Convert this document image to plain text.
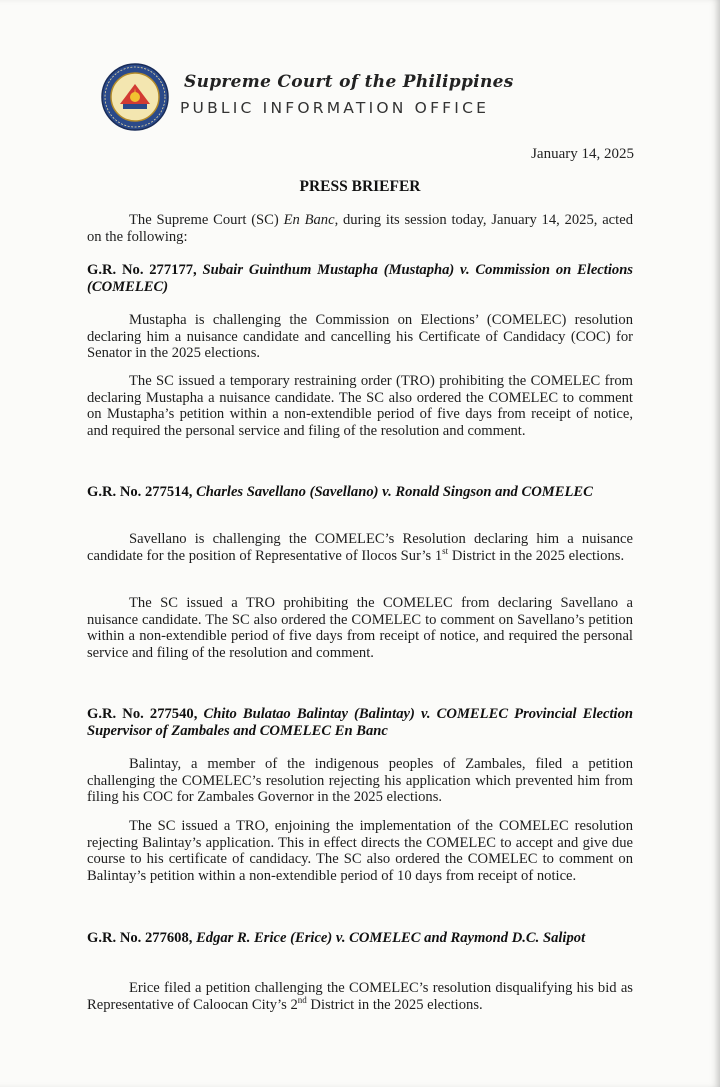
Supreme Court of the Philippines
PUBLIC INFORMATION OFFICE
January 14, 2025
PRESS BRIEFER

The Supreme Court (SC) En Banc, during its session today, January 14, 2025, acted on the following:

G.R. No. 277177, Subair Guinthum Mustapha (Mustapha) v. Commission on Elections (COMELEC)

Mustapha is challenging the Commission on Elections’ (COMELEC) resolution declaring him a nuisance candidate and cancelling his Certificate of Candidacy (COC) for Senator in the 2025 elections.

The SC issued a temporary restraining order (TRO) prohibiting the COMELEC from declaring Mustapha a nuisance candidate. The SC also ordered the COMELEC to comment on Mustapha’s petition within a non-extendible period of five days from receipt of notice, and required the personal service and filing of the resolution and comment.

G.R. No. 277514, Charles Savellano (Savellano) v. Ronald Singson and COMELEC

Savellano is challenging the COMELEC’s Resolution declaring him a nuisance candidate for the position of Representative of Ilocos Sur’s 1st District in the 2025 elections.

The SC issued a TRO prohibiting the COMELEC from declaring Savellano a nuisance candidate. The SC also ordered the COMELEC to comment on Savellano’s petition within a non-extendible period of five days from receipt of notice, and required the personal service and filing of the resolution and comment.

G.R. No. 277540, Chito Bulatao Balintay (Balintay) v. COMELEC Provincial Election Supervisor of Zambales and COMELEC En Banc

Balintay, a member of the indigenous peoples of Zambales, filed a petition challenging the COMELEC’s resolution rejecting his application which prevented him from filing his COC for Zambales Governor in the 2025 elections.

The SC issued a TRO, enjoining the implementation of the COMELEC resolution rejecting Balintay’s application. This in effect directs the COMELEC to accept and give due course to his certificate of candidacy. The SC also ordered the COMELEC to comment on Balintay’s petition within a non-extendible period of 10 days from receipt of notice.

G.R. No. 277608, Edgar R. Erice (Erice) v. COMELEC and Raymond D.C. Salipot

Erice filed a petition challenging the COMELEC’s resolution disqualifying his bid as Representative of Caloocan City’s 2nd District in the 2025 elections.
